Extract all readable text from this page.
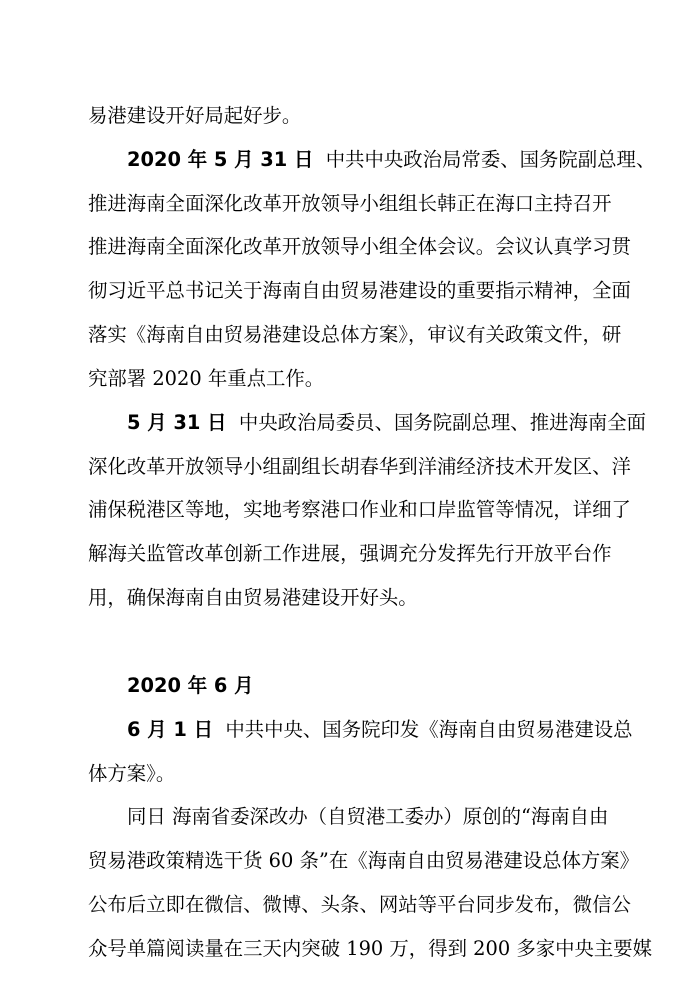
易港建设开好局起好步。
2020 年 5 月 31 日 中共中央政治局常委、国务院副总理、
推进海南全面深化改革开放领导小组组长韩正在海口主持召开
推进海南全面深化改革开放领导小组全体会议。会议认真学习贯
彻习近平总书记关于海南自由贸易港建设的重要指示精神，全面
落实《海南自由贸易港建设总体方案》，审议有关政策文件，研
究部署 2020 年重点工作。
5 月 31 日 中央政治局委员、国务院副总理、推进海南全面
深化改革开放领导小组副组长胡春华到洋浦经济技术开发区、洋
浦保税港区等地，实地考察港口作业和口岸监管等情况，详细了
解海关监管改革创新工作进展，强调充分发挥先行开放平台作
用，确保海南自由贸易港建设开好头。
2020 年 6 月
6 月 1 日 中共中央、国务院印发《海南自由贸易港建设总
体方案》。
同日 海南省委深改办（自贸港工委办）原创的“海南自由
贸易港政策精选干货 60 条”在《海南自由贸易港建设总体方案》
公布后立即在微信、微博、头条、网站等平台同步发布，微信公
众号单篇阅读量在三天内突破 190 万，得到 200 多家中央主要媒
